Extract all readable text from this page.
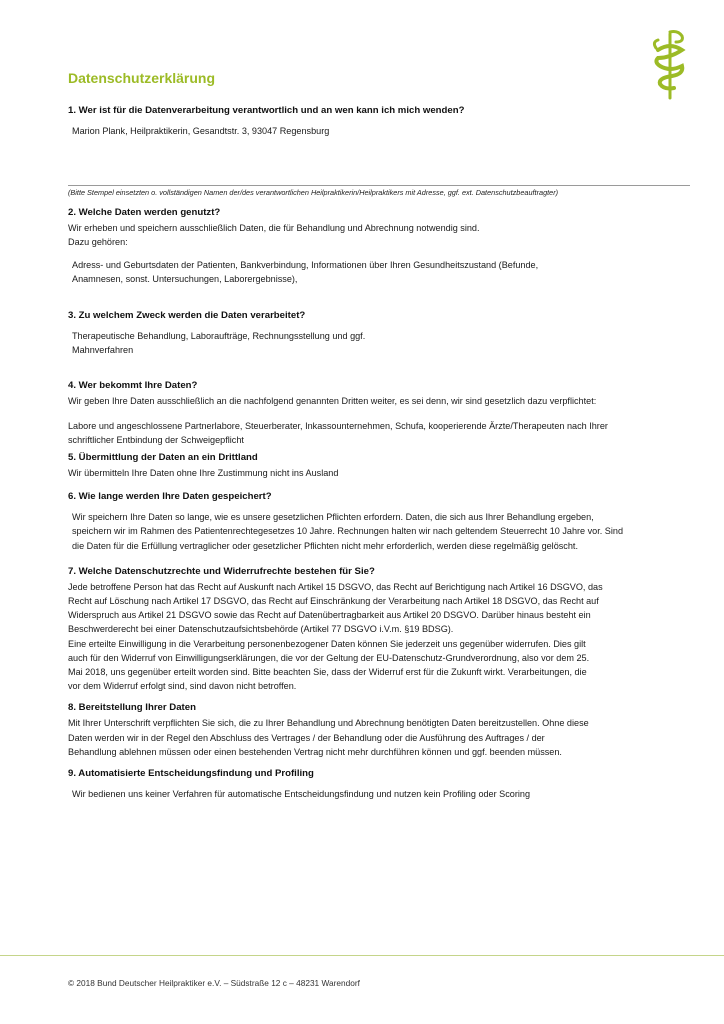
Datenschutzerklärung

1. Wer ist für die Datenverarbeitung verantwortlich und an wen kann ich mich wenden?

Marion Plank, Heilpraktikerin, Gesandtstr. 3, 93047 Regensburg

(Bitte Stempel einsetzten o. vollständigen Namen der/des verantwortlichen Heilpraktikerin/Heilpraktikers mit Adresse, ggf. ext. Datenschutzbeauftragter)

2. Welche Daten werden genutzt?

Wir erheben und speichern ausschließlich Daten, die für Behandlung und Abrechnung notwendig sind.

Dazu gehören:

Adress- und Geburtsdaten der Patienten, Bankverbindung, Informationen über Ihren Gesundheitszustand (Befunde,

Anamnesen, sonst. Untersuchungen, Laborergebnisse),

3. Zu welchem Zweck werden die Daten verarbeitet?

Therapeutische Behandlung, Laboraufträge, Rechnungsstellung und ggf.

Mahnverfahren

4. Wer bekommt Ihre Daten?

Wir geben Ihre Daten ausschließlich an die nachfolgend genannten Dritten weiter, es sei denn, wir sind gesetzlich dazu verpflichtet:

Labore und angeschlossene Partnerlabore, Steuerberater, Inkassounternehmen, Schufa, kooperierende Ärzte/Therapeuten nach Ihrer

schriftlicher Entbindung der Schweigepflicht

5. Übermittlung der Daten an ein Drittland

Wir übermitteln Ihre Daten ohne Ihre Zustimmung nicht ins Ausland

6. Wie lange werden Ihre Daten gespeichert?

Wir speichern Ihre Daten so lange, wie es unsere gesetzlichen Pflichten erfordern. Daten, die sich aus Ihrer Behandlung ergeben,

speichern wir im Rahmen des Patientenrechtegesetzes 10 Jahre. Rechnungen halten wir nach geltendem Steuerrecht 10 Jahre vor. Sind

die Daten für die Erfüllung vertraglicher oder gesetzlicher Pflichten nicht mehr erforderlich, werden diese regelmäßig gelöscht.

7. Welche Datenschutzrechte und Widerrufrechte bestehen für Sie?

Jede betroffene Person hat das Recht auf Auskunft nach Artikel 15 DSGVO, das Recht auf Berichtigung nach Artikel 16 DSGVO, das

Recht auf Löschung nach Artikel 17 DSGVO, das Recht auf Einschränkung der Verarbeitung nach Artikel 18 DSGVO, das Recht auf

Widerspruch aus Artikel 21 DSGVO sowie das Recht auf Datenübertragbarkeit aus Artikel 20 DSGVO. Darüber hinaus besteht ein

Beschwerderecht bei einer Datenschutzaufsichtsbehörde (Artikel 77 DSGVO i.V.m. §19 BDSG).

Eine erteilte Einwilligung in die Verarbeitung personenbezogener Daten können Sie jederzeit uns gegenüber widerrufen. Dies gilt

auch für den Widerruf von Einwilligungserklärungen, die vor der Geltung der EU-Datenschutz-Grundverordnung, also vor dem 25.

Mai 2018, uns gegenüber erteilt worden sind. Bitte beachten Sie, dass der Widerruf erst für die Zukunft wirkt. Verarbeitungen, die

vor dem Widerruf erfolgt sind, sind davon nicht betroffen.

8. Bereitstellung Ihrer Daten

Mit Ihrer Unterschrift verpflichten Sie sich, die zu Ihrer Behandlung und Abrechnung benötigten Daten bereitzustellen. Ohne diese

Daten werden wir in der Regel den Abschluss des Vertrages / der Behandlung oder die Ausführung des Auftrages / der

Behandlung ablehnen müssen oder einen bestehenden Vertrag nicht mehr durchführen können und ggf. beenden müssen.

9. Automatisierte Entscheidungsfindung und Profiling

Wir bedienen uns keiner Verfahren für automatische Entscheidungsfindung und nutzen kein Profiling oder Scoring

© 2018 Bund Deutscher Heilpraktiker e.V. – Südstraße 12 c – 48231 Warendorf
